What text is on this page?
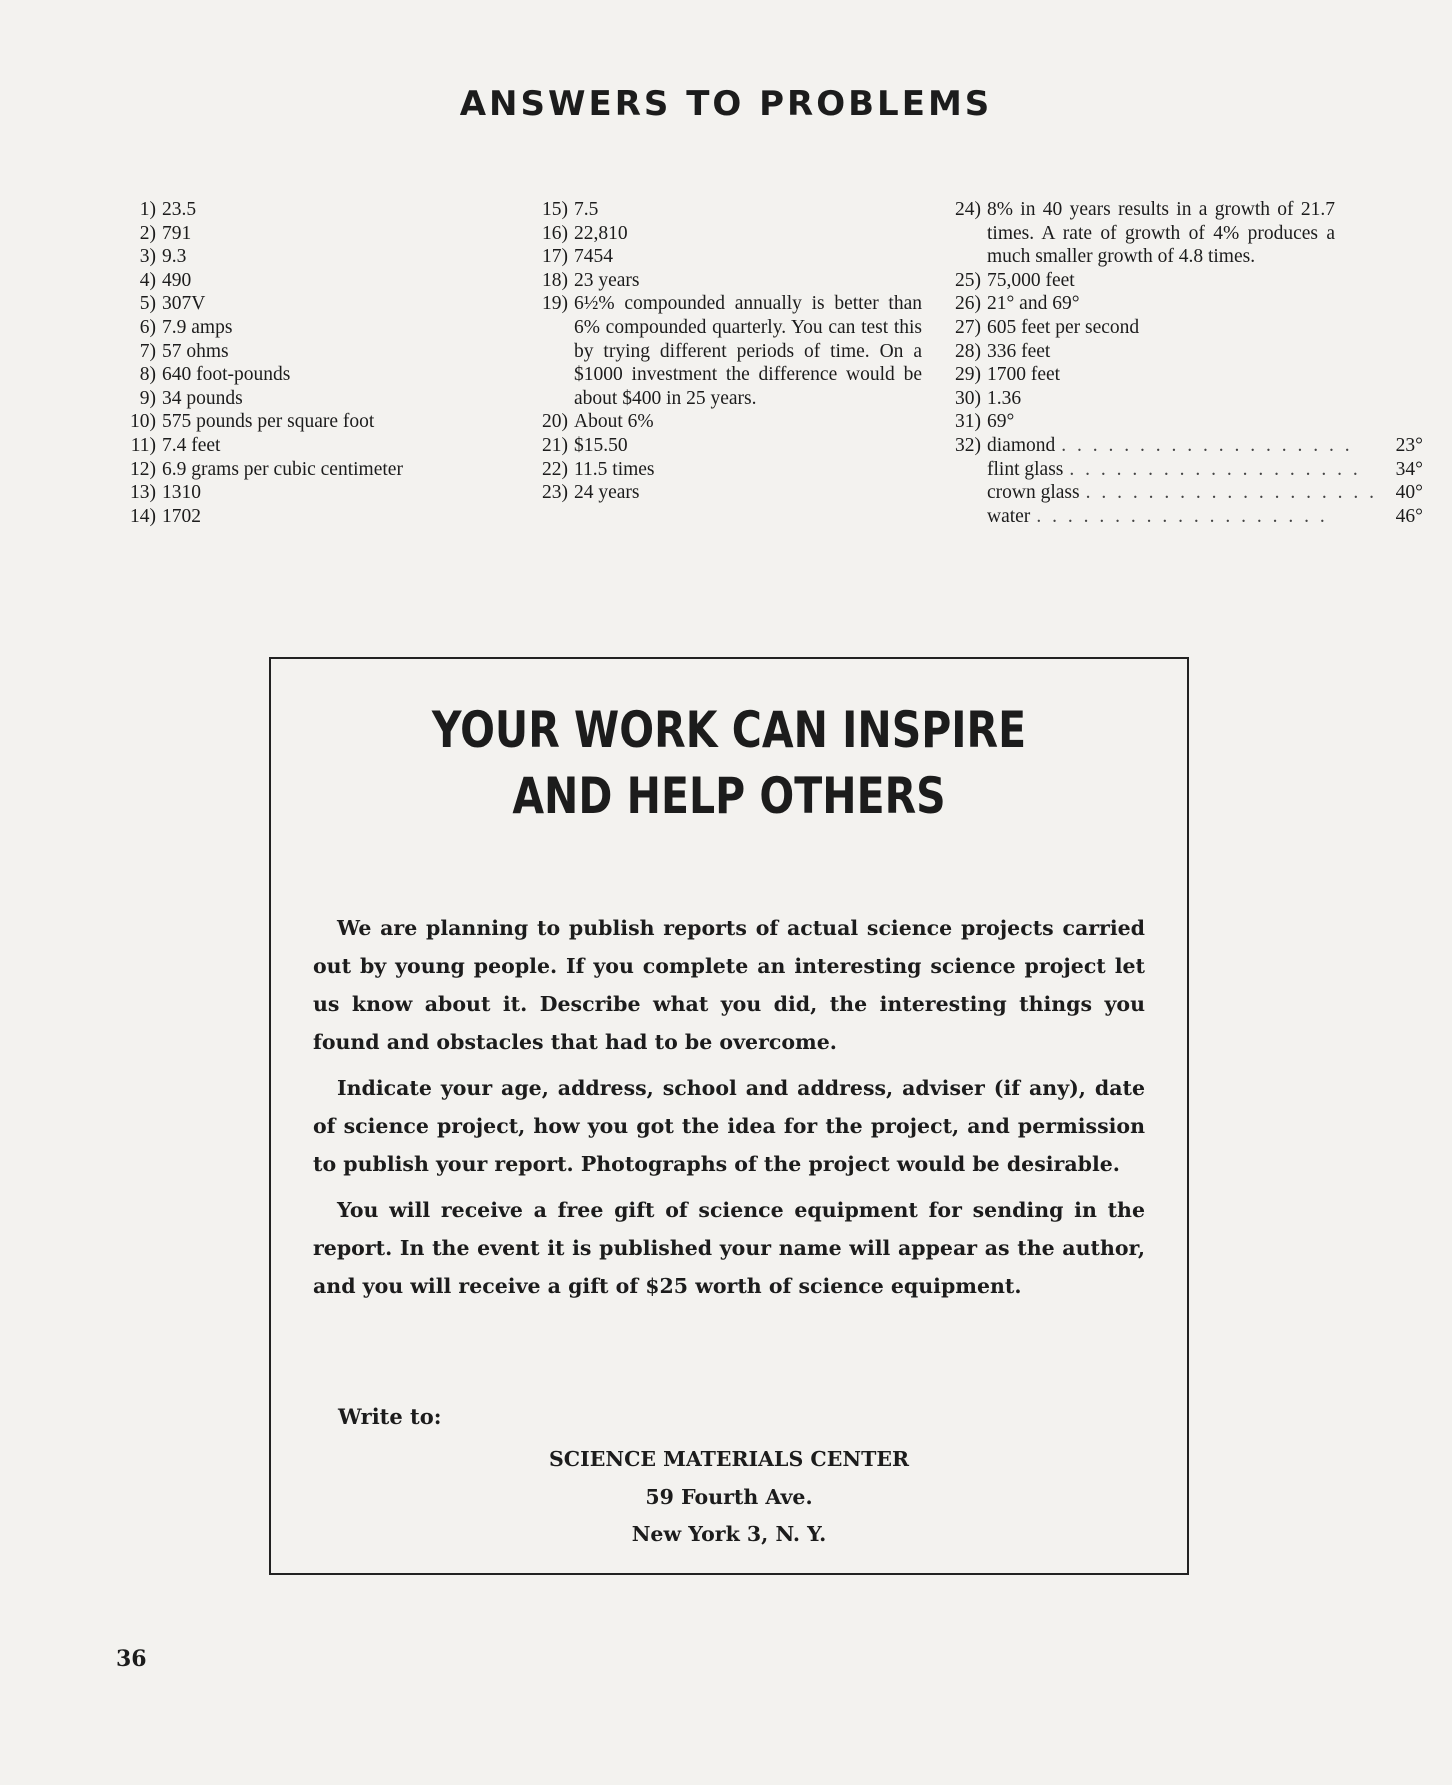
ANSWERS TO PROBLEMS
1) 23.5
2) 791
3) 9.3
4) 490
5) 307V
6) 7.9 amps
7) 57 ohms
8) 640 foot-pounds
9) 34 pounds
10) 575 pounds per square foot
11) 7.4 feet
12) 6.9 grams per cubic centimeter
13) 1310
14) 1702
15) 7.5
16) 22,810
17) 7454
18) 23 years
19) 6½% compounded annually is better than 6% compounded quarterly. You can test this by trying different periods of time. On a $1000 investment the difference would be about $400 in 25 years.
20) About 6%
21) $15.50
22) 11.5 times
23) 24 years
24) 8% in 40 years results in a growth of 21.7 times. A rate of growth of 4% produces a much smaller growth of 4.8 times.
25) 75,000 feet
26) 21° and 69°
27) 605 feet per second
28) 336 feet
29) 1700 feet
30) 1.36
31) 69°
32) diamond . . . . . . . . . . . . . . . . . . .	23°
flint glass . . . . . . . . . . . . . . . . . . .	34°
crown glass . . . . . . . . . . . . . . . . . . . 40°
water . . . . . . . . . . . . . . . . . . .	46°
YOUR WORK CAN INSPIRE
AND HELP OTHERS

We are planning to publish reports of actual science projects carried out by young people. If you complete an interesting science project let us know about it. Describe what you did, the interesting things you found and obstacles that had to be overcome.

Indicate your age, address, school and address, adviser (if any), date of science project, how you got the idea for the project, and permission to publish your report. Photographs of the project would be desirable.

You will receive a free gift of science equipment for sending in the report. In the event it is published your name will appear as the author, and you will receive a gift of $25 worth of science equipment.

Write to:
SCIENCE MATERIALS CENTER
59 Fourth Ave.
New York 3, N. Y.
36
